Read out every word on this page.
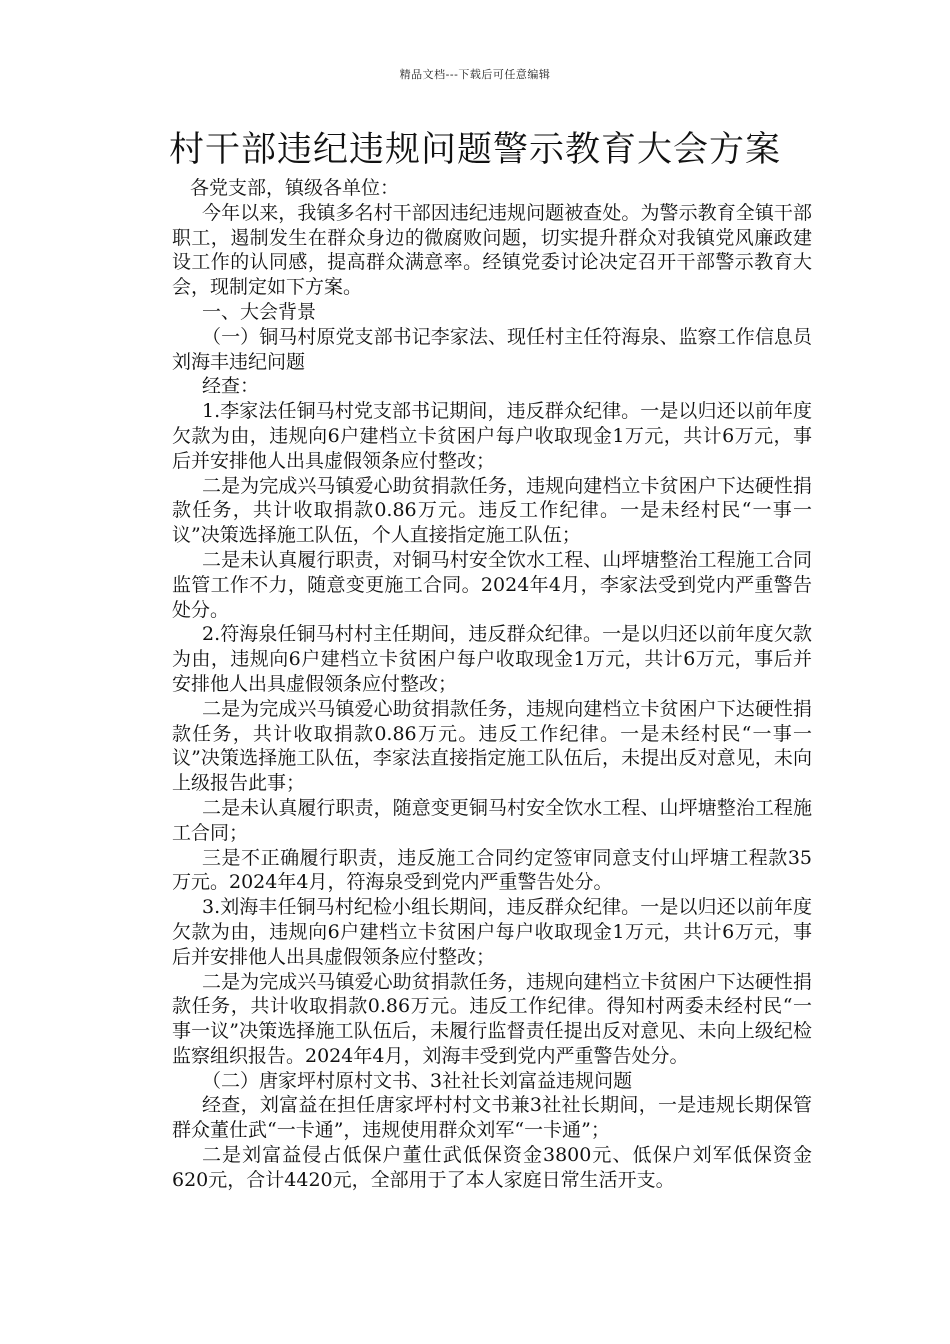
精品文档---下载后可任意编辑
村干部违纪违规问题警示教育大会方案

各党支部，镇级各单位：

今年以来，我镇多名村干部因违纪违规问题被查处。为警示教育全镇干部职工，遏制发生在群众身边的微腐败问题，切实提升群众对我镇党风廉政建设工作的认同感，提高群众满意率。经镇党委讨论决定召开干部警示教育大会，现制定如下方案。

一、大会背景

（一）铜马村原党支部书记李家法、现任村主任符海泉、监察工作信息员刘海丰违纪问题

经查：

1.李家法任铜马村党支部书记期间，违反群众纪律。一是以归还以前年度欠款为由，违规向6户建档立卡贫困户每户收取现金1万元，共计6万元，事后并安排他人出具虚假领条应付整改；

二是为完成兴马镇爱心助贫捐款任务，违规向建档立卡贫困户下达硬性捐款任务，共计收取捐款0.86万元。违反工作纪律。一是未经村民“一事一议”决策选择施工队伍，个人直接指定施工队伍；

二是未认真履行职责，对铜马村安全饮水工程、山坪塘整治工程施工合同监管工作不力，随意变更施工合同。2024年4月，李家法受到党内严重警告处分。

2.符海泉任铜马村村主任期间，违反群众纪律。一是以归还以前年度欠款为由，违规向6户建档立卡贫困户每户收取现金1万元，共计6万元，事后并安排他人出具虚假领条应付整改；

二是为完成兴马镇爱心助贫捐款任务，违规向建档立卡贫困户下达硬性捐款任务，共计收取捐款0.86万元。违反工作纪律。一是未经村民“一事一议”决策选择施工队伍，李家法直接指定施工队伍后，未提出反对意见，未向上级报告此事；

二是未认真履行职责，随意变更铜马村安全饮水工程、山坪塘整治工程施工合同；

三是不正确履行职责，违反施工合同约定签审同意支付山坪塘工程款35万元。2024年4月，符海泉受到党内严重警告处分。

3.刘海丰任铜马村纪检小组长期间，违反群众纪律。一是以归还以前年度欠款为由，违规向6户建档立卡贫困户每户收取现金1万元，共计6万元，事后并安排他人出具虚假领条应付整改；

二是为完成兴马镇爱心助贫捐款任务，违规向建档立卡贫困户下达硬性捐款任务，共计收取捐款0.86万元。违反工作纪律。得知村两委未经村民“一事一议”决策选择施工队伍后，未履行监督责任提出反对意见、未向上级纪检监察组织报告。2024年4月，刘海丰受到党内严重警告处分。

（二）唐家坪村原村文书、3社社长刘富益违规问题

经查，刘富益在担任唐家坪村村文书兼3社社长期间，一是违规长期保管群众董仕武“一卡通”，违规使用群众刘军“一卡通”；

二是刘富益侵占低保户董仕武低保资金3800元、低保户刘军低保资金620元，合计4420元，全部用于了本人家庭日常生活开支。
